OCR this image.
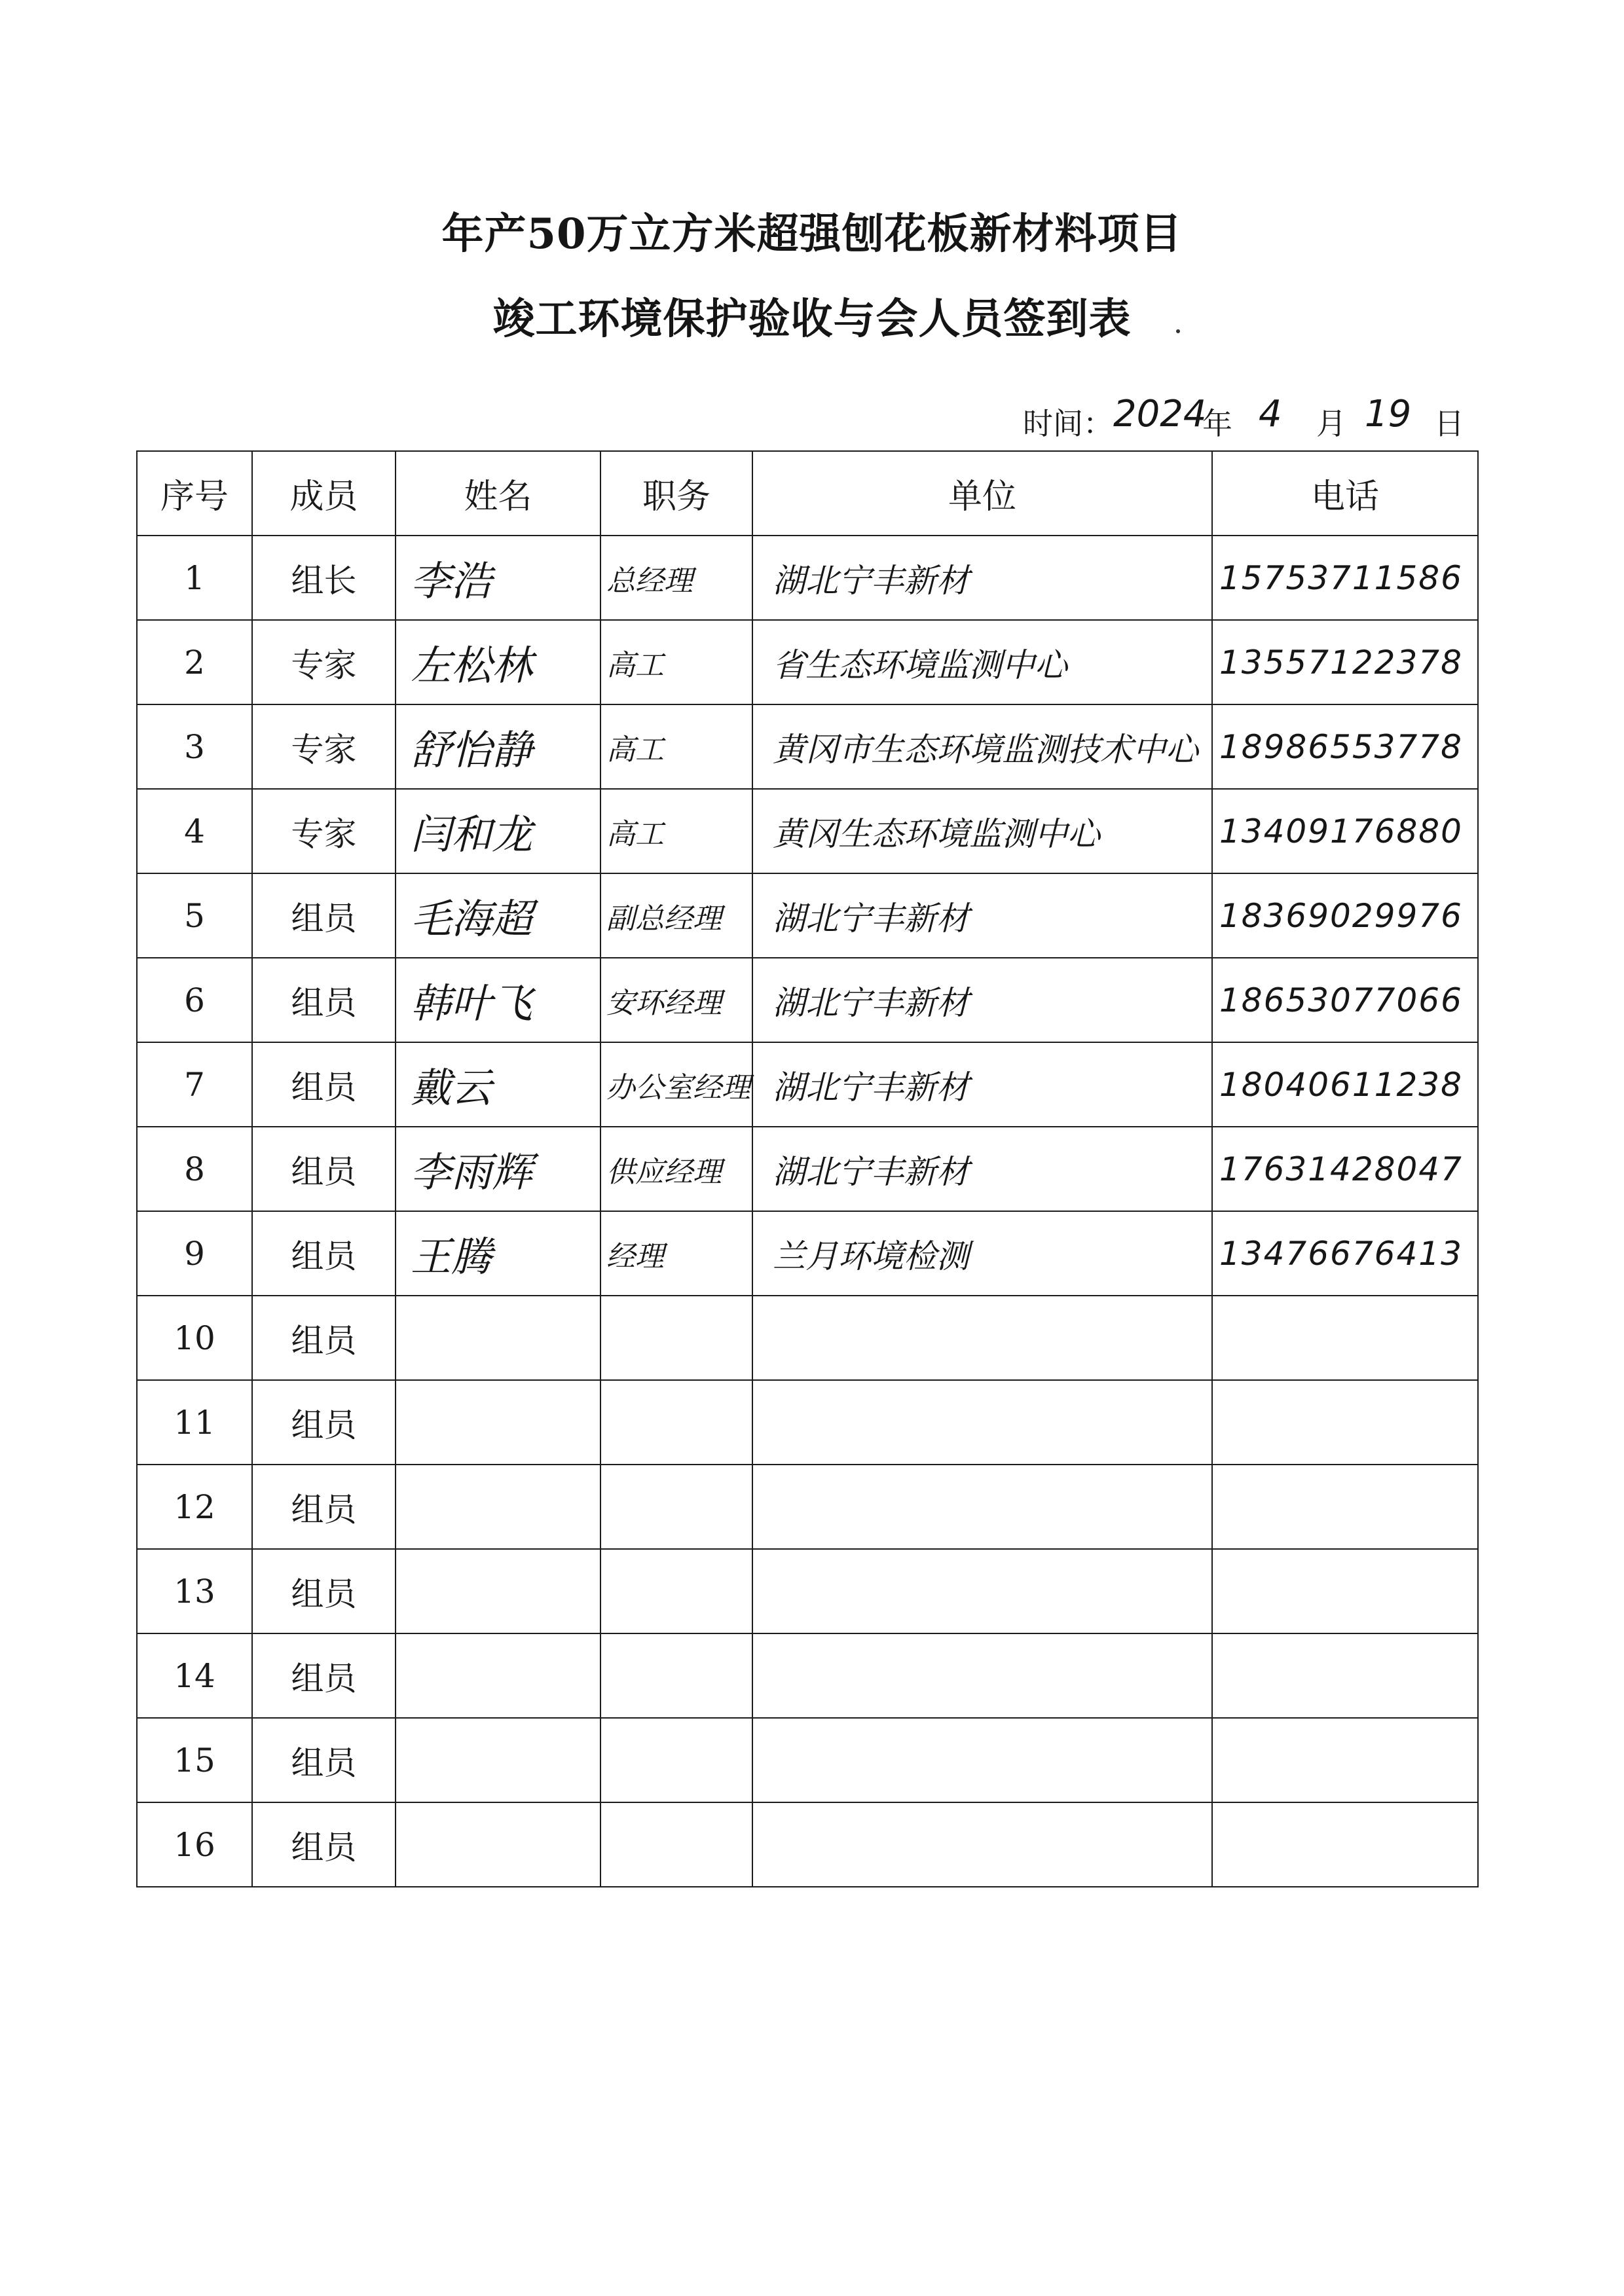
年产50万立方米超强刨花板新材料项目
竣工环境保护验收与会人员签到表
时间： 2024
年 4 月 19 日
序号	成员	姓名	职务	单位	电话
1	组长	李浩	总经理	湖北宁丰新材	15753711586
2	专家	左松林	高工	省生态环境监测中心	13557122378
3	专家	舒怡静	高工	黄冈市生态环境监测技术中心	18986553778
4	专家	闫和龙	高工	黄冈生态环境监测中心	13409176880
5	组员	毛海超	副总经理	湖北宁丰新材	18369029976
6	组员	韩叶飞	安环经理	湖北宁丰新材	18653077066
7	组员	戴云	办公室经理	湖北宁丰新材	18040611238
8	组员	李雨辉	供应经理	湖北宁丰新材	17631428047
9	组员	王腾	经理	兰月环境检测	13476676413
10	组员				
11	组员				
12	组员				
13	组员				
14	组员				
15	组员				
16	组员				
